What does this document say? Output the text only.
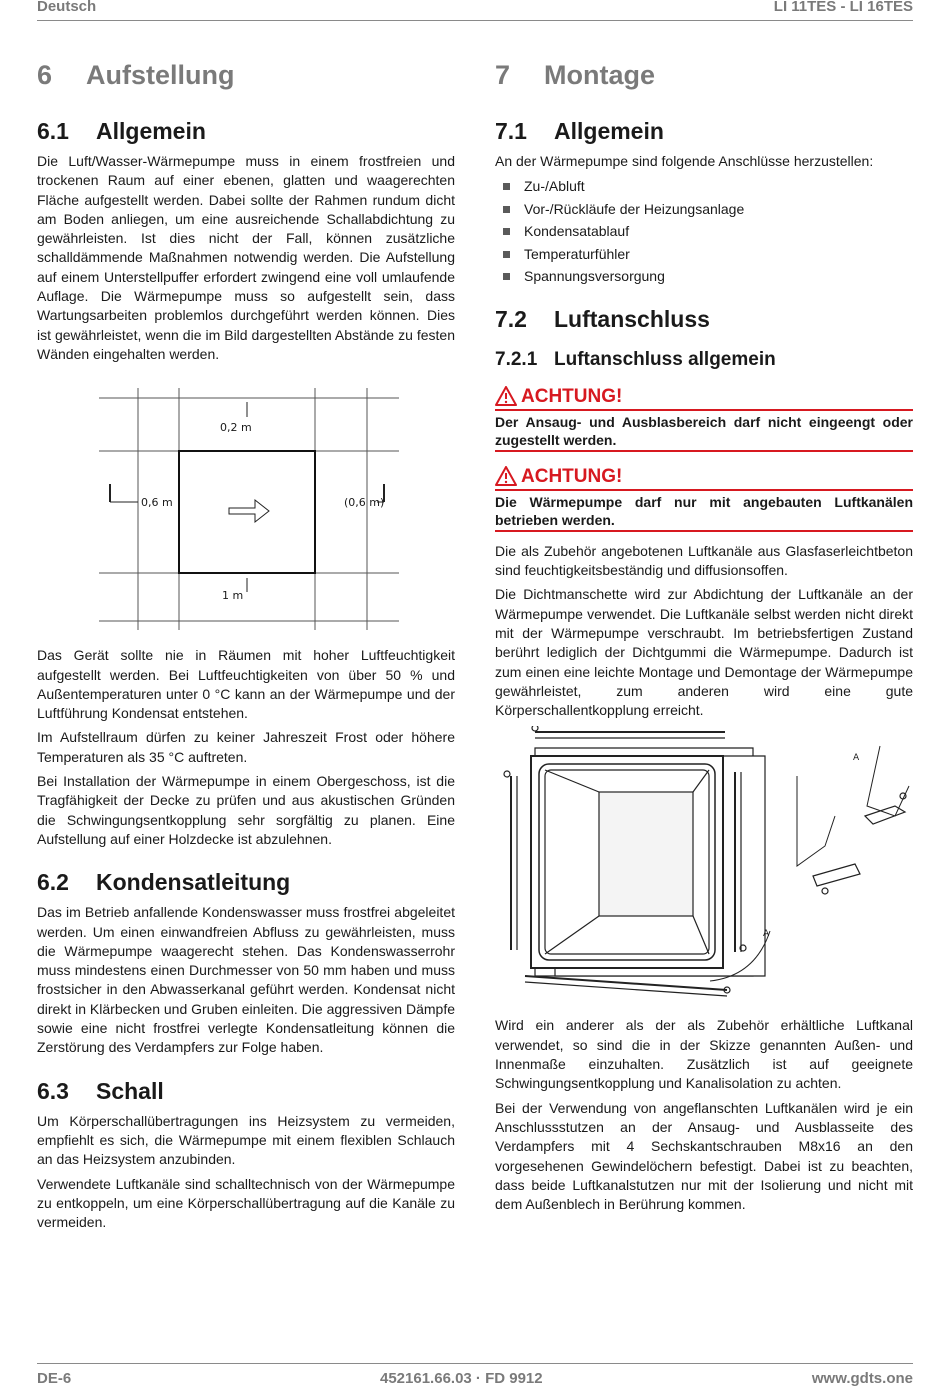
Deutsch	LI 11TES - LI 16TES
6 Aufstellung
6.1 Allgemein

Die Luft/Wasser-Wärmepumpe muss in einem frostfreien und trockenen Raum auf einer ebenen, glatten und waagerechten Fläche aufgestellt werden. Dabei sollte der Rahmen rundum dicht am Boden anliegen, um eine ausreichende Schallabdichtung zu gewährleisten. Ist dies nicht der Fall, können zusätzliche schalldämmende Maßnahmen notwendig werden. Die Aufstellung auf einem Unterstellpuffer erfordert zwingend eine voll umlaufende Auflage. Die Wärmepumpe muss so aufgestellt sein, dass Wartungsarbeiten problemlos durchgeführt werden können. Dies ist gewährleistet, wenn die im Bild dargestellten Abstände zu festen Wänden eingehalten werden.

0,2 m
0,6 m	(0,6 m)
1 m

Das Gerät sollte nie in Räumen mit hoher Luftfeuchtigkeit aufgestellt werden. Bei Luftfeuchtigkeiten von über 50 % und Außentemperaturen unter 0 °C kann an der Wärmepumpe und der Luftführung Kondensat entstehen.

Im Aufstellraum dürfen zu keiner Jahreszeit Frost oder höhere Temperaturen als 35 °C auftreten.

Bei Installation der Wärmepumpe in einem Obergeschoss, ist die Tragfähigkeit der Decke zu prüfen und aus akustischen Gründen die Schwingungsentkopplung sehr sorgfältig zu planen. Eine Aufstellung auf einer Holzdecke ist abzulehnen.

6.2 Kondensatleitung

Das im Betrieb anfallende Kondenswasser muss frostfrei abgeleitet werden. Um einen einwandfreien Abfluss zu gewährleisten, muss die Wärmepumpe waagerecht stehen. Das Kondenswasserrohr muss mindestens einen Durchmesser von 50 mm haben und muss frostsicher in den Abwasserkanal geführt werden. Kondensat nicht direkt in Klärbecken und Gruben einleiten. Die aggressiven Dämpfe sowie eine nicht frostfrei verlegte Kondensatleitung können die Zerstörung des Verdampfers zur Folge haben.

6.3 Schall

Um Körperschallübertragungen ins Heizsystem zu vermeiden, empfiehlt es sich, die Wärmepumpe mit einem flexiblen Schlauch an das Heizsystem anzubinden.

Verwendete Luftkanäle sind schalltechnisch von der Wärmepumpe zu entkoppeln, um eine Körperschallübertragung auf die Kanäle zu vermeiden.

7 Montage
7.1 Allgemein

An der Wärmepumpe sind folgende Anschlüsse herzustellen:

Zu-/Abluft
Vor-/Rückläufe der Heizungsanlage
Kondensatablauf
Temperaturfühler
Spannungsversorgung
7.2 Luftanschluss
7.2.1 Luftanschluss allgemein
ACHTUNG!
Der Ansaug- und Ausblasbereich darf nicht eingeengt oder zugestellt werden.
ACHTUNG!
Die Wärmepumpe darf nur mit angebauten Luftkanälen betrieben werden.

Die als Zubehör angebotenen Luftkanäle aus Glasfaserleichtbeton sind feuchtigkeitsbeständig und diffusionsoffen.

Die Dichtmanschette wird zur Abdichtung der Luftkanäle an der Wärmepumpe verwendet. Die Luftkanäle selbst werden nicht direkt mit der Wärmepumpe verschraubt. Im betriebsfertigen Zustand berührt lediglich der Dichtgummi die Wärmepumpe. Dadurch ist zum einen eine leichte Montage und Demontage der Wärmepumpe gewährleistet, zum anderen wird eine gute Körperschallentkopplung erreicht.

A
A

Wird ein anderer als der als Zubehör erhältliche Luftkanal verwendet, so sind die in der Skizze genannten Außen- und Innenmaße einzuhalten. Zusätzlich ist auf geeignete Schwingungsentkopplung und Kanalisolation zu achten.

Bei der Verwendung von angeflanschten Luftkanälen wird je ein Anschlussstutzen an der Ansaug- und Ausblasseite des Verdampfers mit 4 Sechskantschrauben M8x16 an den vorgesehenen Gewindelöchern befestigt. Dabei ist zu beachten, dass beide Luftkanalstutzen nur mit der Isolierung und nicht mit dem Außenblech in Berührung kommen.

DE-6	452161.66.03 · FD 9912	www.gdts.one
